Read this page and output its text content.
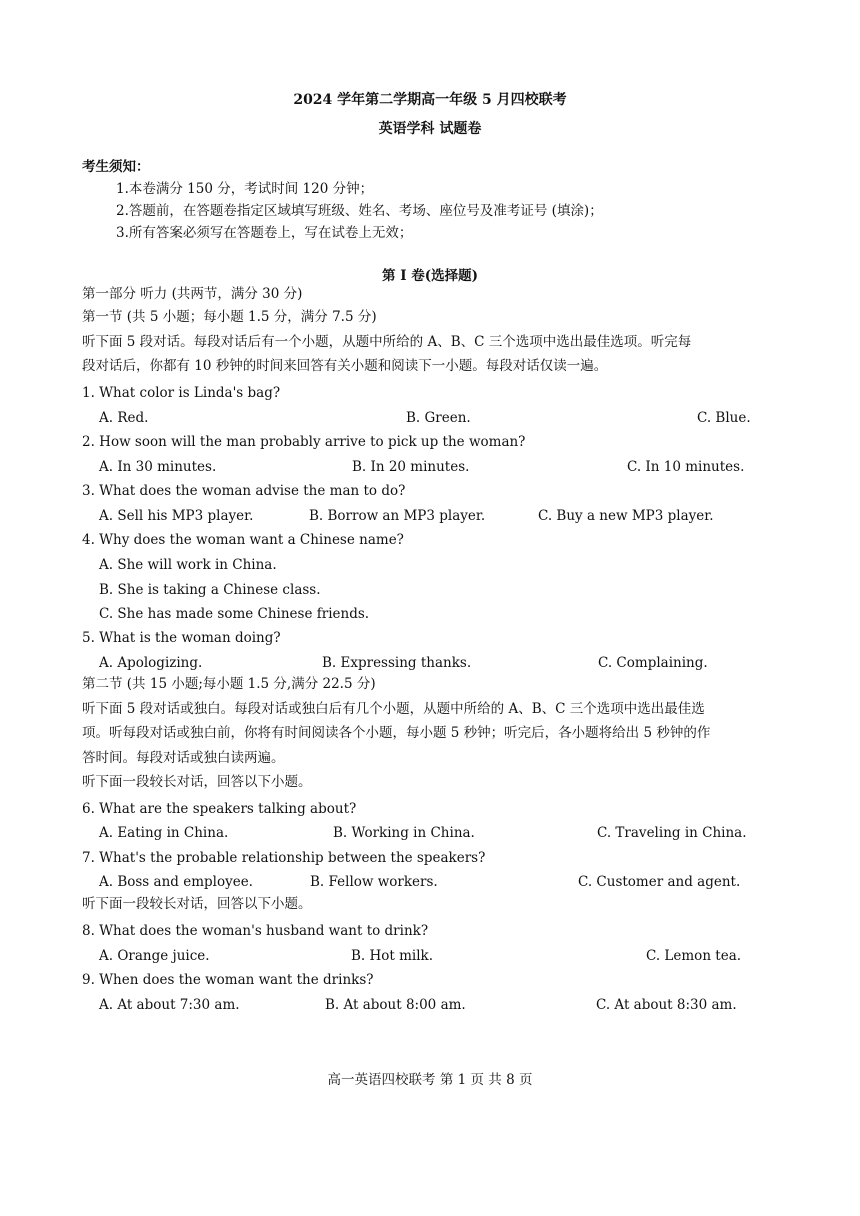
2024 学年第二学期高一年级 5 月四校联考
英语学科 试题卷
考生须知：
1.本卷满分 150 分，考试时间 120 分钟；
2.答题前，在答题卷指定区域填写班级、姓名、考场、座位号及准考证号 (填涂)；
3.所有答案必须写在答题卷上，写在试卷上无效；
第 Ⅰ 卷(选择题)
第一部分 听力 (共两节，满分 30 分)
第一节 (共 5 小题；每小题 1.5 分，满分 7.5 分)
听下面 5 段对话。每段对话后有一个小题，从题中所给的 A、B、C 三个选项中选出最佳选项。听完每
段对话后，你都有 10 秒钟的时间来回答有关小题和阅读下一小题。每段对话仅读一遍。
1. What color is Linda's bag?
A. Red.	B. Green.	C. Blue.
2. How soon will the man probably arrive to pick up the woman?
A. In 30 minutes.	B. In 20 minutes.	C. In 10 minutes.
3. What does the woman advise the man to do?
A. Sell his MP3 player.	B. Borrow an MP3 player.	C. Buy a new MP3 player.
4. Why does the woman want a Chinese name?
A. She will work in China.
B. She is taking a Chinese class.
C. She has made some Chinese friends.
5. What is the woman doing?
A. Apologizing.	B. Expressing thanks.	C. Complaining.
第二节 (共 15 小题;每小题 1.5 分,满分 22.5 分)
听下面 5 段对话或独白。每段对话或独白后有几个小题，从题中所给的 A、B、C 三个选项中选出最佳选
项。听每段对话或独白前，你将有时间阅读各个小题，每小题 5 秒钟；听完后，各小题将给出 5 秒钟的作
答时间。每段对话或独白读两遍。
听下面一段较长对话，回答以下小题。
6. What are the speakers talking about?
A. Eating in China.	B. Working in China.	C. Traveling in China.
7. What's the probable relationship between the speakers?
A. Boss and employee.	B. Fellow workers.	C. Customer and agent.
听下面一段较长对话，回答以下小题。
8. What does the woman's husband want to drink?
A. Orange juice.	B. Hot milk.	C. Lemon tea.
9. When does the woman want the drinks?
A. At about 7:30 am.	B. At about 8:00 am.	C. At about 8:30 am.
高一英语四校联考 第 1 页 共 8 页
